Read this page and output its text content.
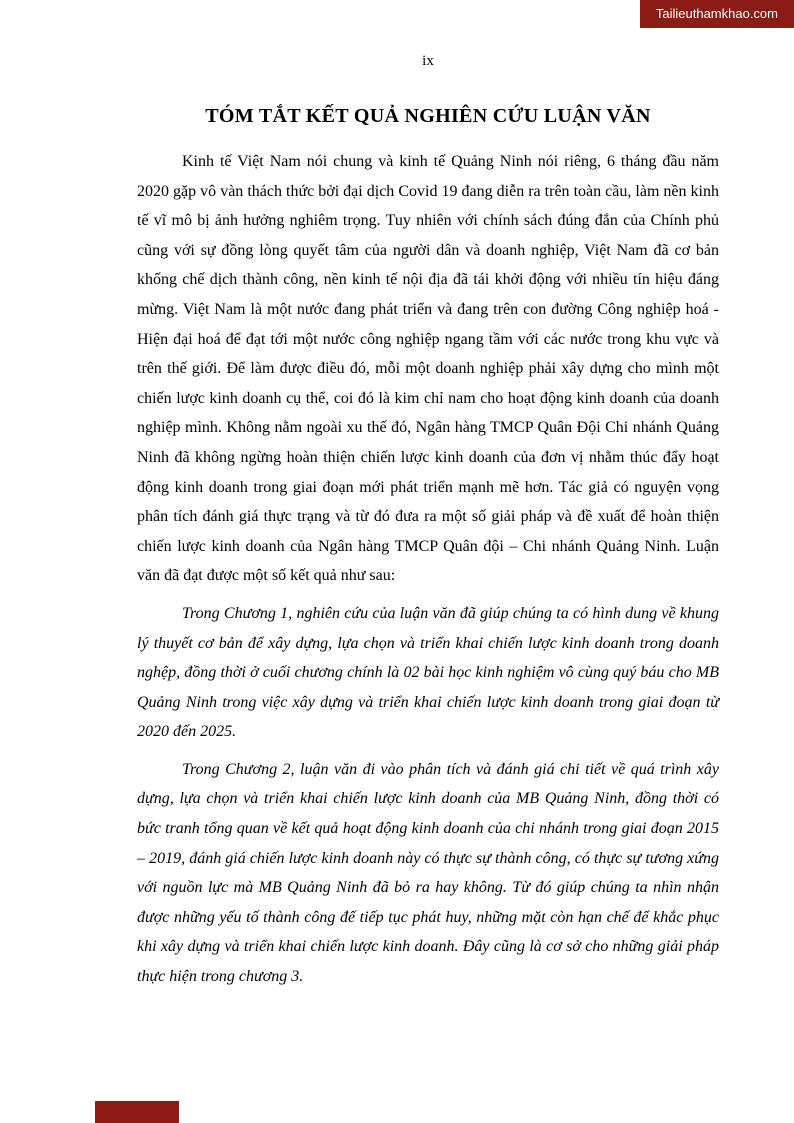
Tailieuthamkhao.com
ix
TÓM TẮT KẾT QUẢ NGHIÊN CỨU LUẬN VĂN

Kinh tế Việt Nam nói chung và kinh tế Quảng Ninh nói riêng, 6 tháng đầu năm 2020 gặp vô vàn thách thức bởi đại dịch Covid 19 đang diễn ra trên toàn cầu, làm nền kinh tế vĩ mô bị ảnh hưởng nghiêm trọng. Tuy nhiên với chính sách đúng đắn của Chính phủ cũng với sự đồng lòng quyết tâm của người dân và doanh nghiệp, Việt Nam đã cơ bản khống chế dịch thành công, nền kinh tế nội địa đã tái khởi động với nhiều tín hiệu đáng mừng. Việt Nam là một nước đang phát triển và đang trên con đường Công nghiệp hoá - Hiện đại hoá để đạt tới một nước công nghiệp ngang tầm với các nước trong khu vực và trên thế giới. Để làm được điều đó, mỗi một doanh nghiệp phải xây dựng cho mình một chiến lược kinh doanh cụ thể, coi đó là kim chỉ nam cho hoạt động kinh doanh của doanh nghiệp mình. Không nằm ngoài xu thế đó, Ngân hàng TMCP Quân Đội Chi nhánh Quảng Ninh đã không ngừng hoàn thiện chiến lược kinh doanh của đơn vị nhằm thúc đẩy hoạt động kinh doanh trong giai đoạn mới phát triển mạnh mẽ hơn. Tác giả có nguyện vọng phân tích đánh giá thực trạng và từ đó đưa ra một số giải pháp và đề xuất để hoàn thiện chiến lược kinh doanh của Ngân hàng TMCP Quân đội – Chi nhánh Quảng Ninh. Luận văn đã đạt được một số kết quả như sau:

Trong Chương 1, nghiên cứu của luận văn đã giúp chúng ta có hình dung về khung lý thuyết cơ bản để xây dựng, lựa chọn và triển khai chiến lược kinh doanh trong doanh nghệp, đồng thời ở cuối chương chính là 02 bài học kinh nghiệm vô cùng quý báu cho MB Quảng Ninh trong việc xây dựng và triển khai chiến lược kinh doanh trong giai đoạn từ 2020 đến 2025.

Trong Chương 2, luận văn đi vào phân tích và đánh giá chi tiết về quá trình xây dựng, lựa chọn và triển khai chiến lược kinh doanh của MB Quảng Ninh, đồng thời có bức tranh tổng quan về kết quả hoạt động kinh doanh của chi nhánh trong giai đoạn 2015 – 2019, đánh giá chiến lược kinh doanh này có thực sự thành công, có thực sự tương xứng với nguồn lực mà MB Quảng Ninh đã bỏ ra hay không. Từ đó giúp chúng ta nhìn nhận được những yếu tố thành công để tiếp tục phát huy, những mặt còn hạn chế để khắc phục khi xây dựng và triển khai chiến lược kinh doanh. Đây cũng là cơ sở cho những giải pháp thực hiện trong chương 3.
